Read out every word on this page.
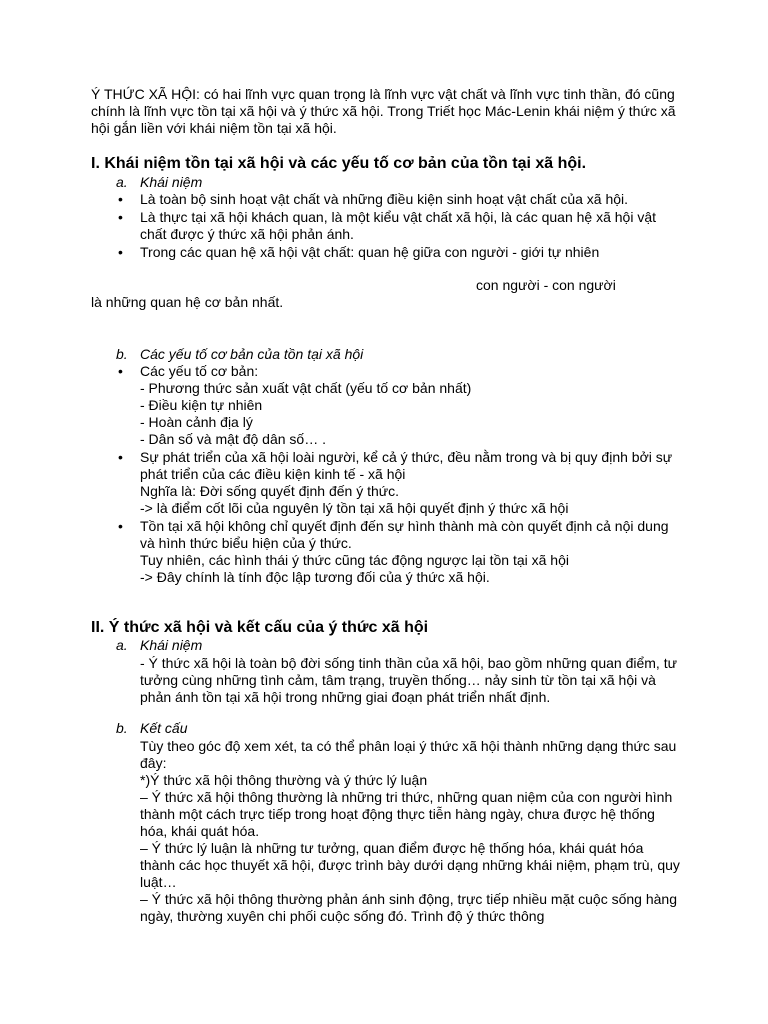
Ý THỨC XÃ HỘI: có hai lĩnh vực quan trọng là lĩnh vực vật chất và lĩnh vực tinh thần, đó cũng chính là lĩnh vực tồn tại xã hội và ý thức xã hội. Trong Triết học Mác-Lenin khái niệm ý thức xã hội gắn liền với khái niệm tồn tại xã hội.
I. Khái niệm tồn tại xã hội và các yếu tố cơ bản của tồn tại xã hội.
a. Khái niệm
• Là toàn bộ sinh hoạt vật chất và những điều kiện sinh hoạt vật chất của xã hội.
• Là thực tại xã hội khách quan, là một kiểu vật chất xã hội, là các quan hệ xã hội vật chất được ý thức xã hội phản ánh.
• Trong các quan hệ xã hội vật chất: quan hệ giữa con người - giới tự nhiên
con người - con người
là những quan hệ cơ bản nhất.
b. Các yếu tố cơ bản của tồn tại xã hội
• Các yếu tố cơ bản:
- Phương thức sản xuất vật chất (yếu tố cơ bản nhất)
- Điều kiện tự nhiên
- Hoàn cảnh địa lý
- Dân số và mật độ dân số… .
• Sự phát triển của xã hội loài người, kể cả ý thức, đều nằm trong và bị quy định bởi sự phát triển của các điều kiện kinh tế - xã hội
Nghĩa là: Đời sống quyết định đến ý thức.
-> là điểm cốt lõi của nguyên lý tồn tại xã hội quyết định ý thức xã hội
• Tồn tại xã hội không chỉ quyết định đến sự hình thành mà còn quyết định cả nội dung và hình thức biểu hiện của ý thức.
Tuy nhiên, các hình thái ý thức cũng tác động ngược lại tồn tại xã hội
-> Đây chính là tính độc lập tương đối của ý thức xã hội.
II. Ý thức xã hội và kết cấu của ý thức xã hội
a. Khái niệm
- Ý thức xã hội là toàn bộ đời sống tinh thần của xã hội, bao gồm những quan điểm, tư tưởng cùng những tình cảm, tâm trạng, truyền thống… nảy sinh từ tồn tại xã hội và phản ánh tồn tại xã hội trong những giai đoạn phát triển nhất định.
b. Kết cấu
Tùy theo góc độ xem xét, ta có thể phân loại ý thức xã hội thành những dạng thức sau đây:
*)Ý thức xã hội thông thường và ý thức lý luận
– Ý thức xã hội thông thường là những tri thức, những quan niệm của con người hình thành một cách trực tiếp trong hoạt động thực tiễn hàng ngày, chưa được hệ thống hóa, khái quát hóa.
– Ý thức lý luận là những tư tưởng, quan điểm được hệ thống hóa, khái quát hóa thành các học thuyết xã hội, được trình bày dưới dạng những khái niệm, phạm trù, quy luật…
– Ý thức xã hội thông thường phản ánh sinh động, trực tiếp nhiều mặt cuộc sống hàng ngày, thường xuyên chi phối cuộc sống đó. Trình độ ý thức thông
